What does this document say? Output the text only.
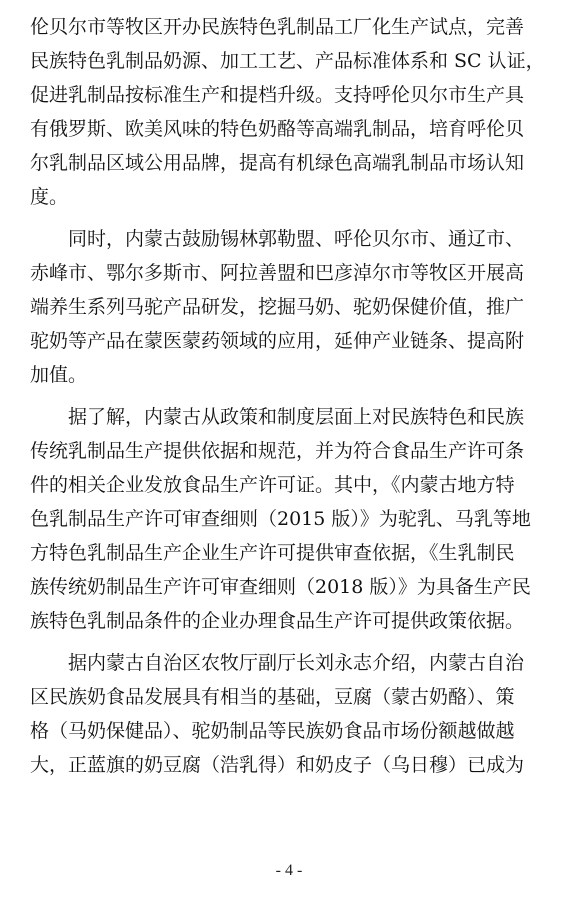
伦贝尔市等牧区开办民族特色乳制品工厂化生产试点，完善
民族特色乳制品奶源、加工工艺、产品标准体系和 SC 认证，
促进乳制品按标准生产和提档升级。支持呼伦贝尔市生产具
有俄罗斯、欧美风味的特色奶酪等高端乳制品，培育呼伦贝
尔乳制品区域公用品牌，提高有机绿色高端乳制品市场认知
度。
　　同时，内蒙古鼓励锡林郭勒盟、呼伦贝尔市、通辽市、
赤峰市、鄂尔多斯市、阿拉善盟和巴彦淖尔市等牧区开展高
端养生系列马驼产品研发，挖掘马奶、驼奶保健价值，推广
驼奶等产品在蒙医蒙药领域的应用，延伸产业链条、提高附
加值。
　　据了解，内蒙古从政策和制度层面上对民族特色和民族
传统乳制品生产提供依据和规范，并为符合食品生产许可条
件的相关企业发放食品生产许可证。其中，《内蒙古地方特
色乳制品生产许可审查细则（2015 版）》为驼乳、马乳等地
方特色乳制品生产企业生产许可提供审查依据，《生乳制民
族传统奶制品生产许可审查细则（2018 版）》为具备生产民
族特色乳制品条件的企业办理食品生产许可提供政策依据。
　　据内蒙古自治区农牧厅副厅长刘永志介绍，内蒙古自治
区民族奶食品发展具有相当的基础，豆腐（蒙古奶酪）、策
格（马奶保健品）、驼奶制品等民族奶食品市场份额越做越
大，正蓝旗的奶豆腐（浩乳得）和奶皮子（乌日穆）已成为
- 4 -
